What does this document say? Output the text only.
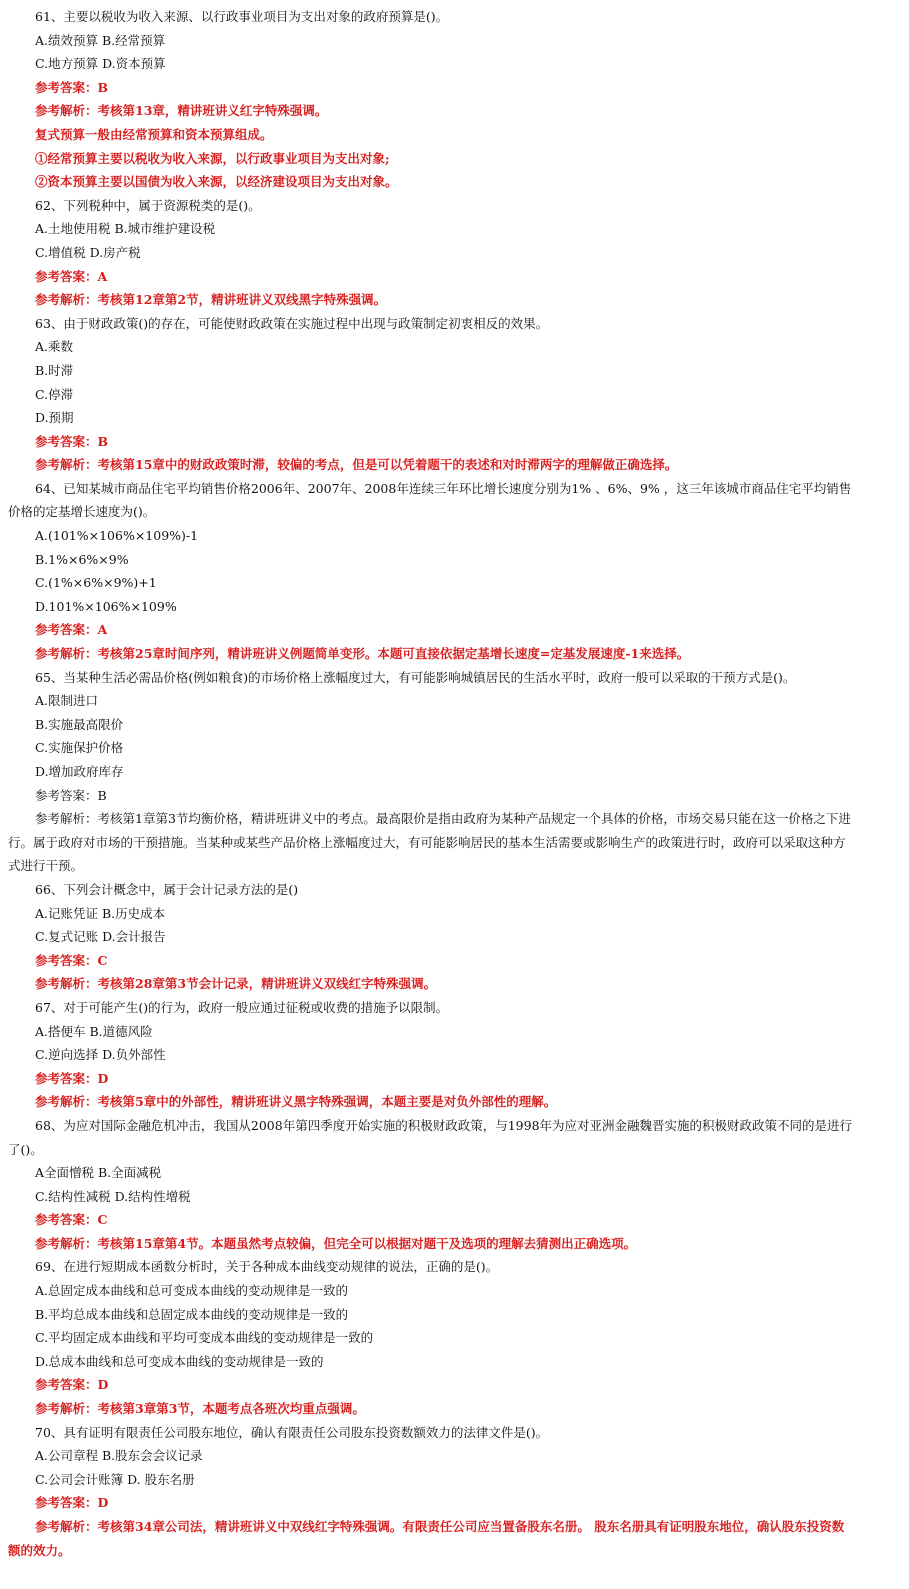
61、主要以税收为收入来源、以行政事业项目为支出对象的政府预算是()。
A.绩效预算 B.经常预算
C.地方预算 D.资本预算
参考答案：B
参考解析：考核第13章，精讲班讲义红字特殊强调。
复式预算一般由经常预算和资本预算组成。
①经常预算主要以税收为收入来源，以行政事业项目为支出对象;
②资本预算主要以国债为收入来源，以经济建设项目为支出对象。
62、下列税种中，属于资源税类的是()。
A.土地使用税 B.城市维护建设税
C.增值税 D.房产税
参考答案：A
参考解析：考核第12章第2节，精讲班讲义双线黑字特殊强调。
63、由于财政政策()的存在，可能使财政政策在实施过程中出现与政策制定初衷相反的效果。
A.乘数
B.时滞
C.停滞
D.预期
参考答案：B
参考解析：考核第15章中的财政政策时滞，较偏的考点，但是可以凭着题干的表述和对时滞两字的理解做正确选择。
64、已知某城市商品住宅平均销售价格2006年、2007年、2008年连续三年环比增长速度分别为1% 、6%、9% ，这三年该城市商品住宅平均销售
价格的定基增长速度为()。
A.(101%×106%×109%)-1
B.1%×6%×9%
C.(1%×6%×9%)+1
D.101%×106%×109%
参考答案：A
参考解析：考核第25章时间序列，精讲班讲义例题简单变形。本题可直接依据定基增长速度=定基发展速度-1来选择。
65、当某种生活必需品价格(例如粮食)的市场价格上涨幅度过大，有可能影响城镇居民的生活水平时，政府一般可以采取的干预方式是()。
A.限制进口
B.实施最高限价
C.实施保护价格
D.增加政府库存
参考答案：B
参考解析：考核第1章第3节均衡价格，精讲班讲义中的考点。最高限价是指由政府为某种产品规定一个具体的价格，市场交易只能在这一价格之下进
行。属于政府对市场的干预措施。当某种或某些产品价格上涨幅度过大，有可能影响居民的基本生活需要或影响生产的政策进行时，政府可以采取这种方
式进行干预。
66、下列会计概念中，属于会计记录方法的是()
A.记账凭证 B.历史成本
C.复式记账 D.会计报告
参考答案：C
参考解析：考核第28章第3节会计记录，精讲班讲义双线红字特殊强调。
67、对于可能产生()的行为，政府一般应通过征税或收费的措施予以限制。
A.搭便车 B.道德风险
C.逆向选择 D.负外部性
参考答案：D
参考解析：考核第5章中的外部性，精讲班讲义黑字特殊强调，本题主要是对负外部性的理解。
68、为应对国际金融危机冲击，我国从2008年第四季度开始实施的积极财政政策，与1998年为应对亚洲金融魏晋实施的积极财政政策不同的是进行
了()。
A全面憎税 B.全面减税
C.结构性减税 D.结构性增税
参考答案：C
参考解析：考核第15章第4节。本题虽然考点较偏，但完全可以根据对题干及选项的理解去猜测出正确选项。
69、在进行短期成本函数分析时，关于各种成本曲线变动规律的说法，正确的是()。
A.总固定成本曲线和总可变成本曲线的变动规律是一致的
B.平均总成本曲线和总固定成本曲线的变动规律是一致的
C.平均固定成本曲线和平均可变成本曲线的变动规律是一致的
D.总成本曲线和总可变成本曲线的变动规律是一致的
参考答案：D
参考解析：考核第3章第3节，本题考点各班次均重点强调。
70、具有证明有限责任公司股东地位，确认有限责任公司股东投资数额效力的法律文件是()。
A.公司章程 B.股东会会议记录
C.公司会计账簿 D. 股东名册
参考答案：D
参考解析：考核第34章公司法，精讲班讲义中双线红字特殊强调。有限责任公司应当置备股东名册。 股东名册具有证明股东地位，确认股东投资数
额的效力。
